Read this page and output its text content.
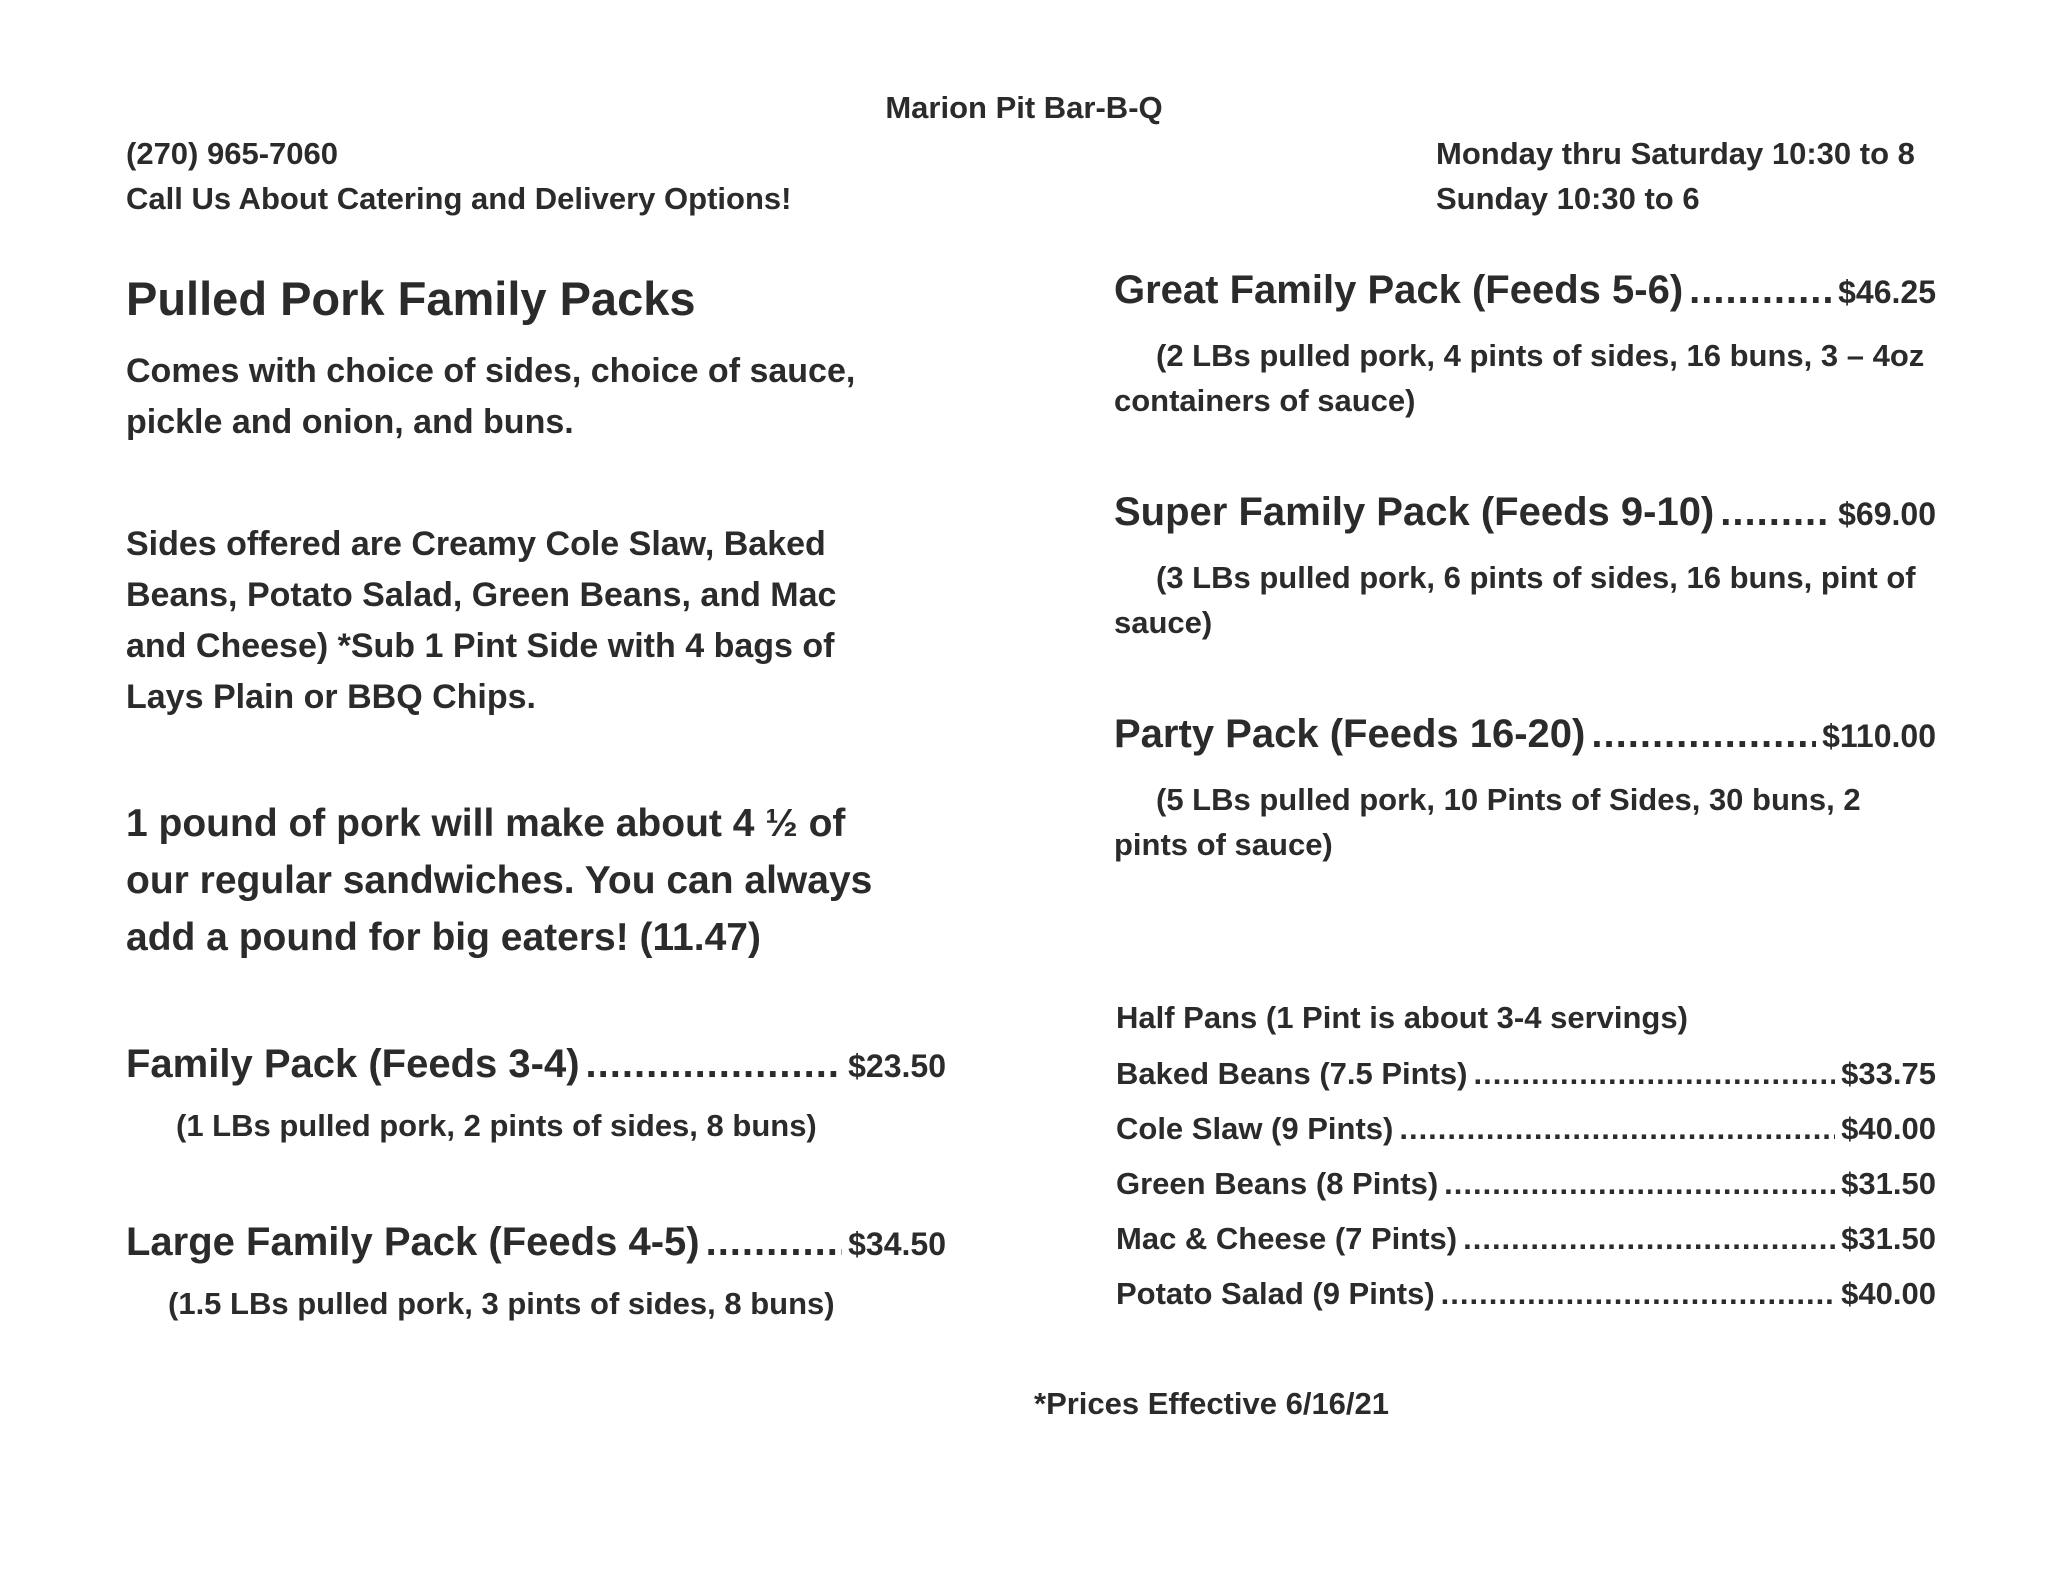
Marion Pit Bar-B-Q
(270) 965-7060
Call Us About Catering and Delivery Options!
Monday thru Saturday 10:30 to 8
Sunday 10:30 to 6
Pulled Pork Family Packs
Comes with choice of sides, choice of sauce,
pickle and onion, and buns.
Sides offered are Creamy Cole Slaw, Baked
Beans, Potato Salad, Green Beans, and Mac
and Cheese) *Sub 1 Pint Side with 4 bags of
Lays Plain or BBQ Chips.
1 pound of pork will make about 4 ½ of
our regular sandwiches. You can always
add a pound for big eaters! (11.47)
Family Pack (Feeds 3-4) .....	$23.50
(1 LBs pulled pork, 2 pints of sides, 8 buns)
Large Family Pack (Feeds 4-5) .....	$34.50
(1.5 LBs pulled pork, 3 pints of sides, 8 buns)
Great Family Pack (Feeds 5-6) .....	$46.25
(2 LBs pulled pork, 4 pints of sides, 16 buns, 3 – 4oz containers of sauce)
Super Family Pack (Feeds 9-10) .....	$69.00
(3 LBs pulled pork, 6 pints of sides, 16 buns, pint of sauce)
Party Pack (Feeds 16-20) .....	$110.00
(5 LBs pulled pork, 10 Pints of Sides, 30 buns, 2 pints of sauce)
Half Pans (1 Pint is about 3-4 servings)
Baked Beans (7.5 Pints) .....	$33.75
Cole Slaw (9 Pints) .....	$40.00
Green Beans (8 Pints) .....	$31.50
Mac & Cheese (7 Pints) .....	$31.50
Potato Salad (9 Pints) .....	$40.00
*Prices Effective 6/16/21
